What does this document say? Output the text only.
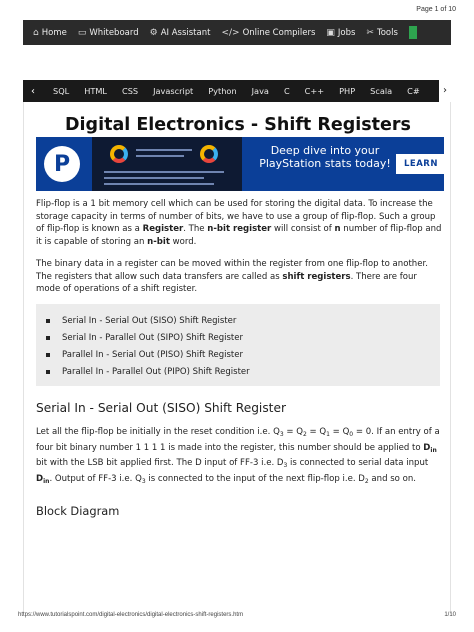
Page 1 of 10
⌂ Home ▭ Whiteboard ⚙ AI Assistant </> Online Compilers ▣ Jobs ✂ Tools
‹	SQL HTML CSS Javascript Python Java C C++ PHP Scala C#	›
Digital Electronics - Shift Registers
P
Deep dive into your PlayStation stats today!	LEARN

Flip-flop is a 1 bit memory cell which can be used for storing the digital data. To increase the storage capacity in terms of number of bits, we have to use a group of flip-flop. Such a group of flip-flop is known as a Register. The n-bit register will consist of n number of flip-flop and it is capable of storing an n-bit word.

The binary data in a register can be moved within the register from one flip-flop to another. The registers that allow such data transfers are called as shift registers. There are four mode of operations of a shift register.

Serial In - Serial Out (SISO) Shift Register
Serial In - Parallel Out (SIPO) Shift Register
Parallel In - Serial Out (PISO) Shift Register
Parallel In - Parallel Out (PIPO) Shift Register
Serial In - Serial Out (SISO) Shift Register

Let all the flip-flop be initially in the reset condition i.e. $Q_3 = Q_2 = Q_1 = Q_0 = 0$. If an entry of a four bit binary number 1 1 1 1 is made into the register, this number should be applied to $D_{in}$ bit with the LSB bit applied first. The D input of FF-3 i.e. $D_3$ is connected to serial data input $D_{in}$. Output of FF-3 i.e. $Q_3$ is connected to the input of the next flip-flop i.e. $D_2$ and so on.

Block Diagram
https://www.tutorialspoint.com/digital-electronics/digital-electronics-shift-registers.htm	1/10
